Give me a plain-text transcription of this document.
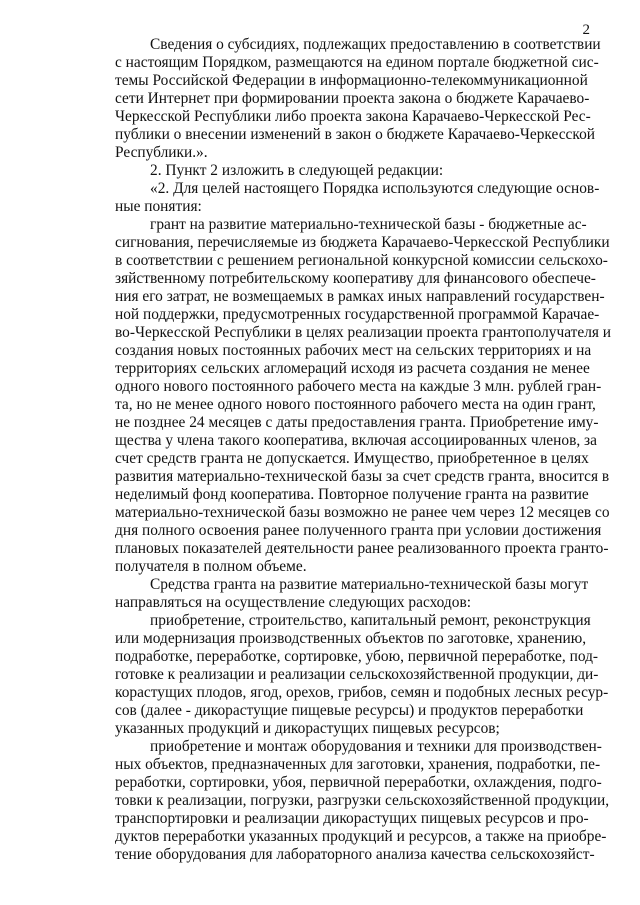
2
Сведения о субсидиях, подлежащих предоставлению в соответствии
с настоящим Порядком, размещаются на едином портале бюджетной сис-
темы Российской Федерации в информационно-телекоммуникационной
сети Интернет при формировании проекта закона о бюджете Карачаево-
Черкесской Республики либо проекта закона Карачаево-Черкесской Рес-
публики о внесении изменений в закон о бюджете Карачаево-Черкесской
Республики.».
2. Пункт 2 изложить в следующей редакции:
«2. Для целей настоящего Порядка используются следующие основ-
ные понятия:
грант на развитие материально-технической базы - бюджетные ас-
сигнования, перечисляемые из бюджета Карачаево-Черкесской Республики
в соответствии с решением региональной конкурсной комиссии сельскохо-
зяйственному потребительскому кооперативу для финансового обеспече-
ния его затрат, не возмещаемых в рамках иных направлений государствен-
ной поддержки, предусмотренных государственной программой Карачае-
во-Черкесской Республики в целях реализации проекта грантополучателя и
создания новых постоянных рабочих мест на сельских территориях и на
территориях сельских агломераций исходя из расчета создания не менее
одного нового постоянного рабочего места на каждые 3 млн. рублей гран-
та, но не менее одного нового постоянного рабочего места на один грант,
не позднее 24 месяцев с даты предоставления гранта. Приобретение иму-
щества у члена такого кооператива, включая ассоциированных членов, за
счет средств гранта не допускается. Имущество, приобретенное в целях
развития материально-технической базы за счет средств гранта, вносится в
неделимый фонд кооператива. Повторное получение гранта на развитие
материально-технической базы возможно не ранее чем через 12 месяцев со
дня полного освоения ранее полученного гранта при условии достижения
плановых показателей деятельности ранее реализованного проекта гранто-
получателя в полном объеме.
Средства гранта на развитие материально-технической базы могут
направляться на осуществление следующих расходов:
приобретение, строительство, капитальный ремонт, реконструкция
или модернизация производственных объектов по заготовке, хранению,
подработке, переработке, сортировке, убою, первичной переработке, под-
готовке к реализации и реализации сельскохозяйственной продукции, ди-
корастущих плодов, ягод, орехов, грибов, семян и подобных лесных ресур-
сов (далее - дикорастущие пищевые ресурсы) и продуктов переработки
указанных продукций и дикорастущих пищевых ресурсов;
приобретение и монтаж оборудования и техники для производствен-
ных объектов, предназначенных для заготовки, хранения, подработки, пе-
реработки, сортировки, убоя, первичной переработки, охлаждения, подго-
товки к реализации, погрузки, разгрузки сельскохозяйственной продукции,
транспортировки и реализации дикорастущих пищевых ресурсов и про-
дуктов переработки указанных продукций и ресурсов, а также на приобре-
тение оборудования для лабораторного анализа качества сельскохозяйст-
